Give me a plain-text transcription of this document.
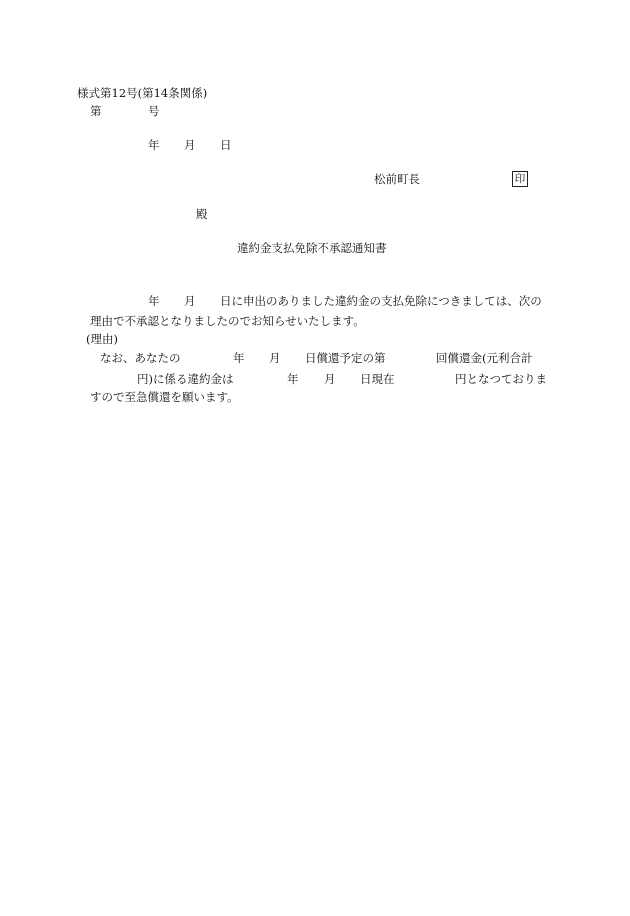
様式第12号(第14条関係)
第	号
年 月 日
松前町長	印
殿
違約金支払免除不承認通知書
年 月 日に申出のありました違約金の支払免除につきましては、次の
理由で不承認となりましたのでお知らせいたします。
(理由)
なお、あなたの	年 月 日償還予定の第	回償還金(元利合計
円)に係る違約金は	年 月 日現在	円となつておりま
すので至急償還を願います。
